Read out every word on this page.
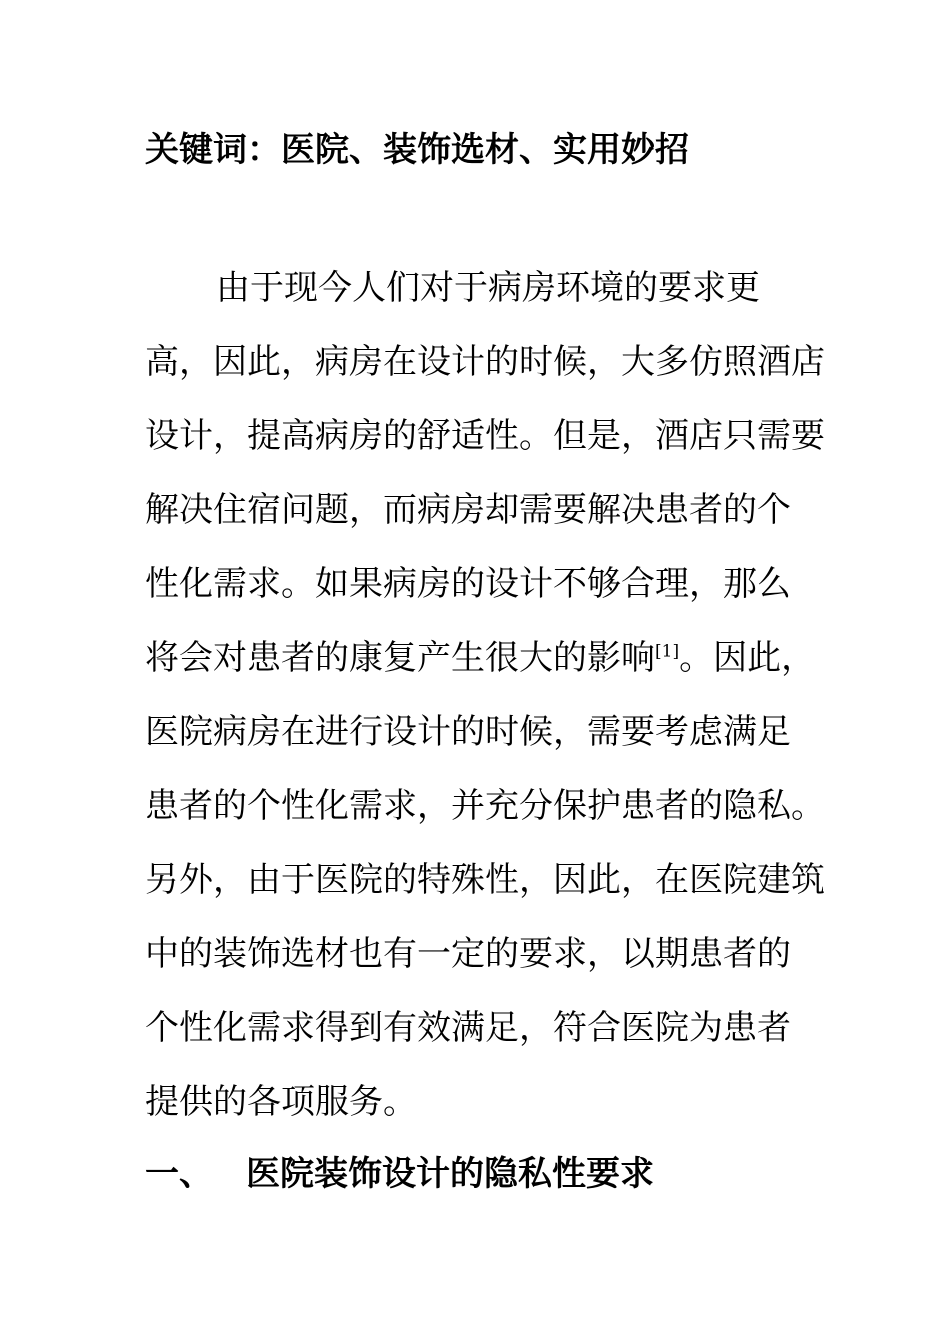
关键词：医院、装饰选材、实用妙招
由于现今人们对于病房环境的要求更
高，因此，病房在设计的时候，大多仿照酒店
设计，提高病房的舒适性。但是，酒店只需要
解决住宿问题，而病房却需要解决患者的个
性化需求。如果病房的设计不够合理，那么
将会对患者的康复产生很大的影响[1]。因此，
医院病房在进行设计的时候，需要考虑满足
患者的个性化需求，并充分保护患者的隐私。
另外，由于医院的特殊性，因此，在医院建筑
中的装饰选材也有一定的要求，以期患者的
个性化需求得到有效满足，符合医院为患者
提供的各项服务。
一、 医院装饰设计的隐私性要求
